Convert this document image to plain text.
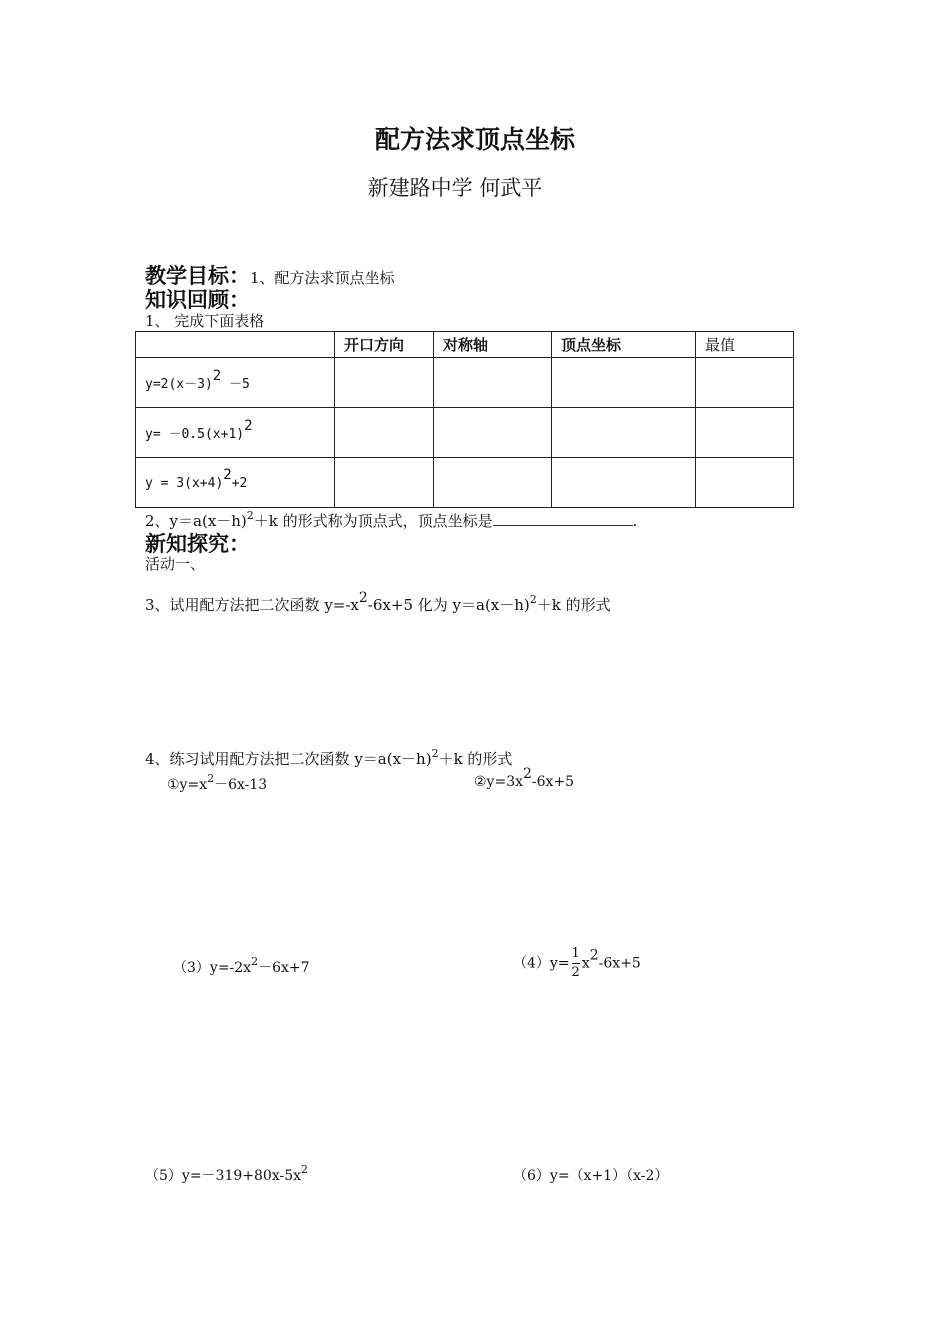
配方法求顶点坐标
新建路中学 何武平
教学目标：1、配方法求顶点坐标
知识回顾：
1、 完成下面表格
	开口方向	对称轴	顶点坐标	最值
$y=2(x-3)^2 -5$				
$y= -0.5(x+1)^2$				
$y = 3(x+4)^2+2$				
2、$y=a(x-h)^2+k$ 的形式称为顶点式，顶点坐标是	.
新知探究：
活动一、
3、试用配方法把二次函数 $y=-x^2-6x+5$ 化为 $y=a(x-h)^2+k$ 的形式
4、练习试用配方法把二次函数 $y=a(x-h)^2+k$ 的形式
$①y=x^2-6x-13$	$②y=3x^2-6x+5$
$(3)y=-2x^2-6x+7$	$(4)y= \frac{1}{2} x^2-6x+5$
$(5)y=-319+80x-5x^2$	（6）y=（x+1）（x-2）
